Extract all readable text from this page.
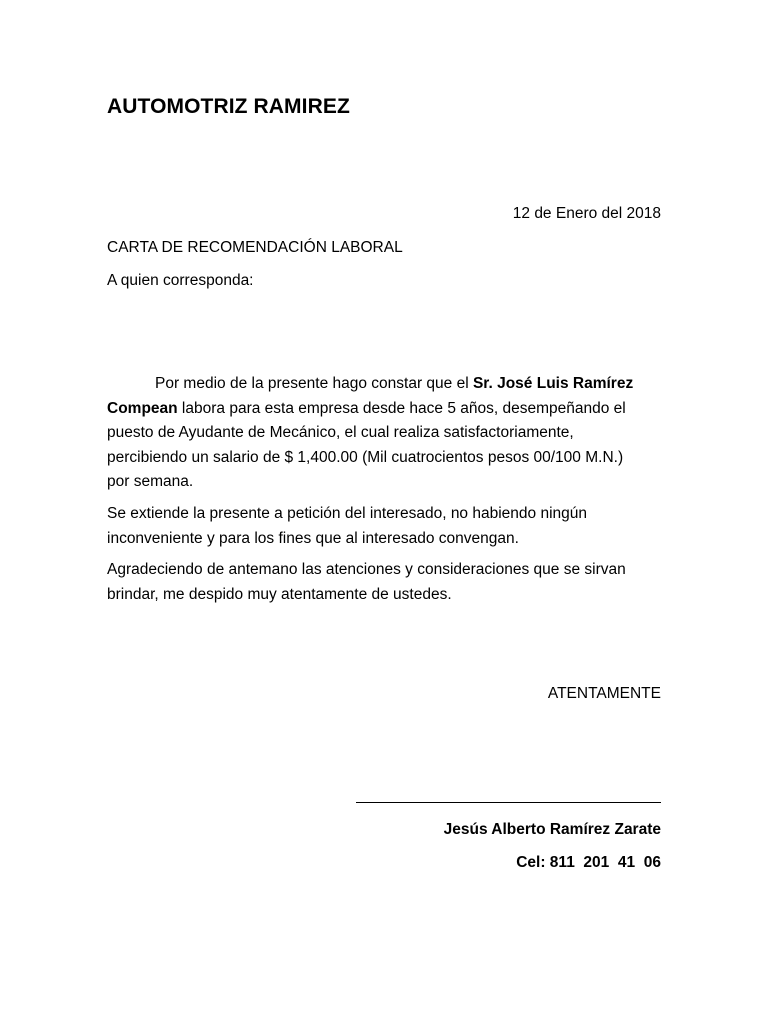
AUTOMOTRIZ RAMIREZ
12 de Enero del 2018
CARTA DE RECOMENDACIÓN LABORAL
A quien corresponda:
Por medio de la presente hago constar que el Sr. José Luis Ramírez
Compean labora para esta empresa desde hace 5 años, desempeñando el
puesto de Ayudante de Mecánico, el cual realiza satisfactoriamente,
percibiendo un salario de $ 1,400.00 (Mil cuatrocientos pesos 00/100 M.N.)
por semana.
Se extiende la presente a petición del interesado, no habiendo ningún
inconveniente y para los fines que al interesado convengan.
Agradeciendo de antemano las atenciones y consideraciones que se sirvan
brindar, me despido muy atentamente de ustedes.
ATENTAMENTE
Jesús Alberto Ramírez Zarate
Cel: 811  201  41  06
